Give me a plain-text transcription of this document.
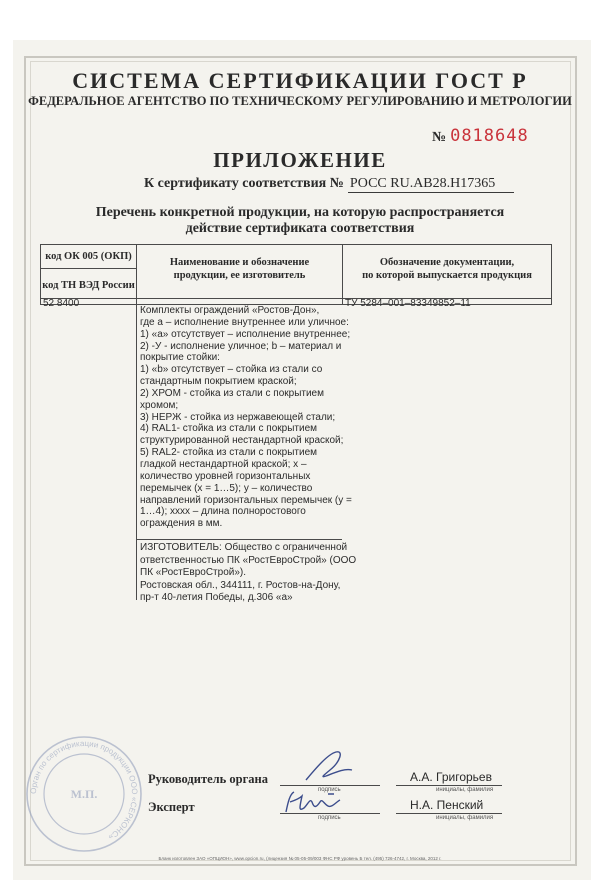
СИСТЕМА СЕРТИФИКАЦИИ ГОСТ Р
ФЕДЕРАЛЬНОЕ АГЕНТСТВО ПО ТЕХНИЧЕСКОМУ РЕГУЛИРОВАНИЮ И МЕТРОЛОГИИ
№ 0818648
ПРИЛОЖЕНИЕ
К сертификату соответствия № РОСС RU.АВ28.Н17365
Перечень конкретной продукции, на которую распространяется
действие сертификата соответствия
код ОК 005 (ОКП)
код ТН ВЭД России
Наименование и обозначение
продукции, ее изготовитель
Обозначение документации,
по которой выпускается продукция
52 8400	ТУ 5284–001–83349852–11
Комплекты ограждений «Ростов-Дон»,
где a – исполнение внутреннее или уличное:
1) «a» отсутствует – исполнение внутреннее;
2) -У - исполнение уличное; b – материал и
покрытие стойки:
1) «b» отсутствует – стойка из стали со
стандартным покрытием краской;
2) ХРОМ - стойка из стали с покрытием
хромом;
3) НЕРЖ - стойка из нержавеющей стали;
4) RAL1- стойка из стали с покрытием
структурированной нестандартной краской;
5) RAL2- стойка из стали с покрытием
гладкой нестандартной краской; x –
количество уровней горизонтальных
перемычек (x = 1…5); y – количество
направлений горизонтальных перемычек (y =
1…4); хххх – длина полноростового
ограждения в мм.
ИЗГОТОВИТЕЛЬ: Общество с ограниченной
ответственностью ПК «РостЕвроСтрой» (ООО
ПК «РостЕвроСтрой»).
Ростовская обл., 344111, г. Ростов-на-Дону,
пр-т 40-летия Победы, д.306 «а»
Орган по сертификации продукции ООО «СЕРКОНС»
М.П.
Руководитель органа
подпись
А.А. Григорьев
инициалы, фамилия
Эксперт
подпись
Н.А. Пенский
инициалы, фамилия
Бланк изготовлен ЗАО «ОПЦИОН», www.opcion.ru, (лицензия № 05-05-09/003 ФНС РФ уровень Б тел. (495) 726-4742, г. Москва, 2012 г.
